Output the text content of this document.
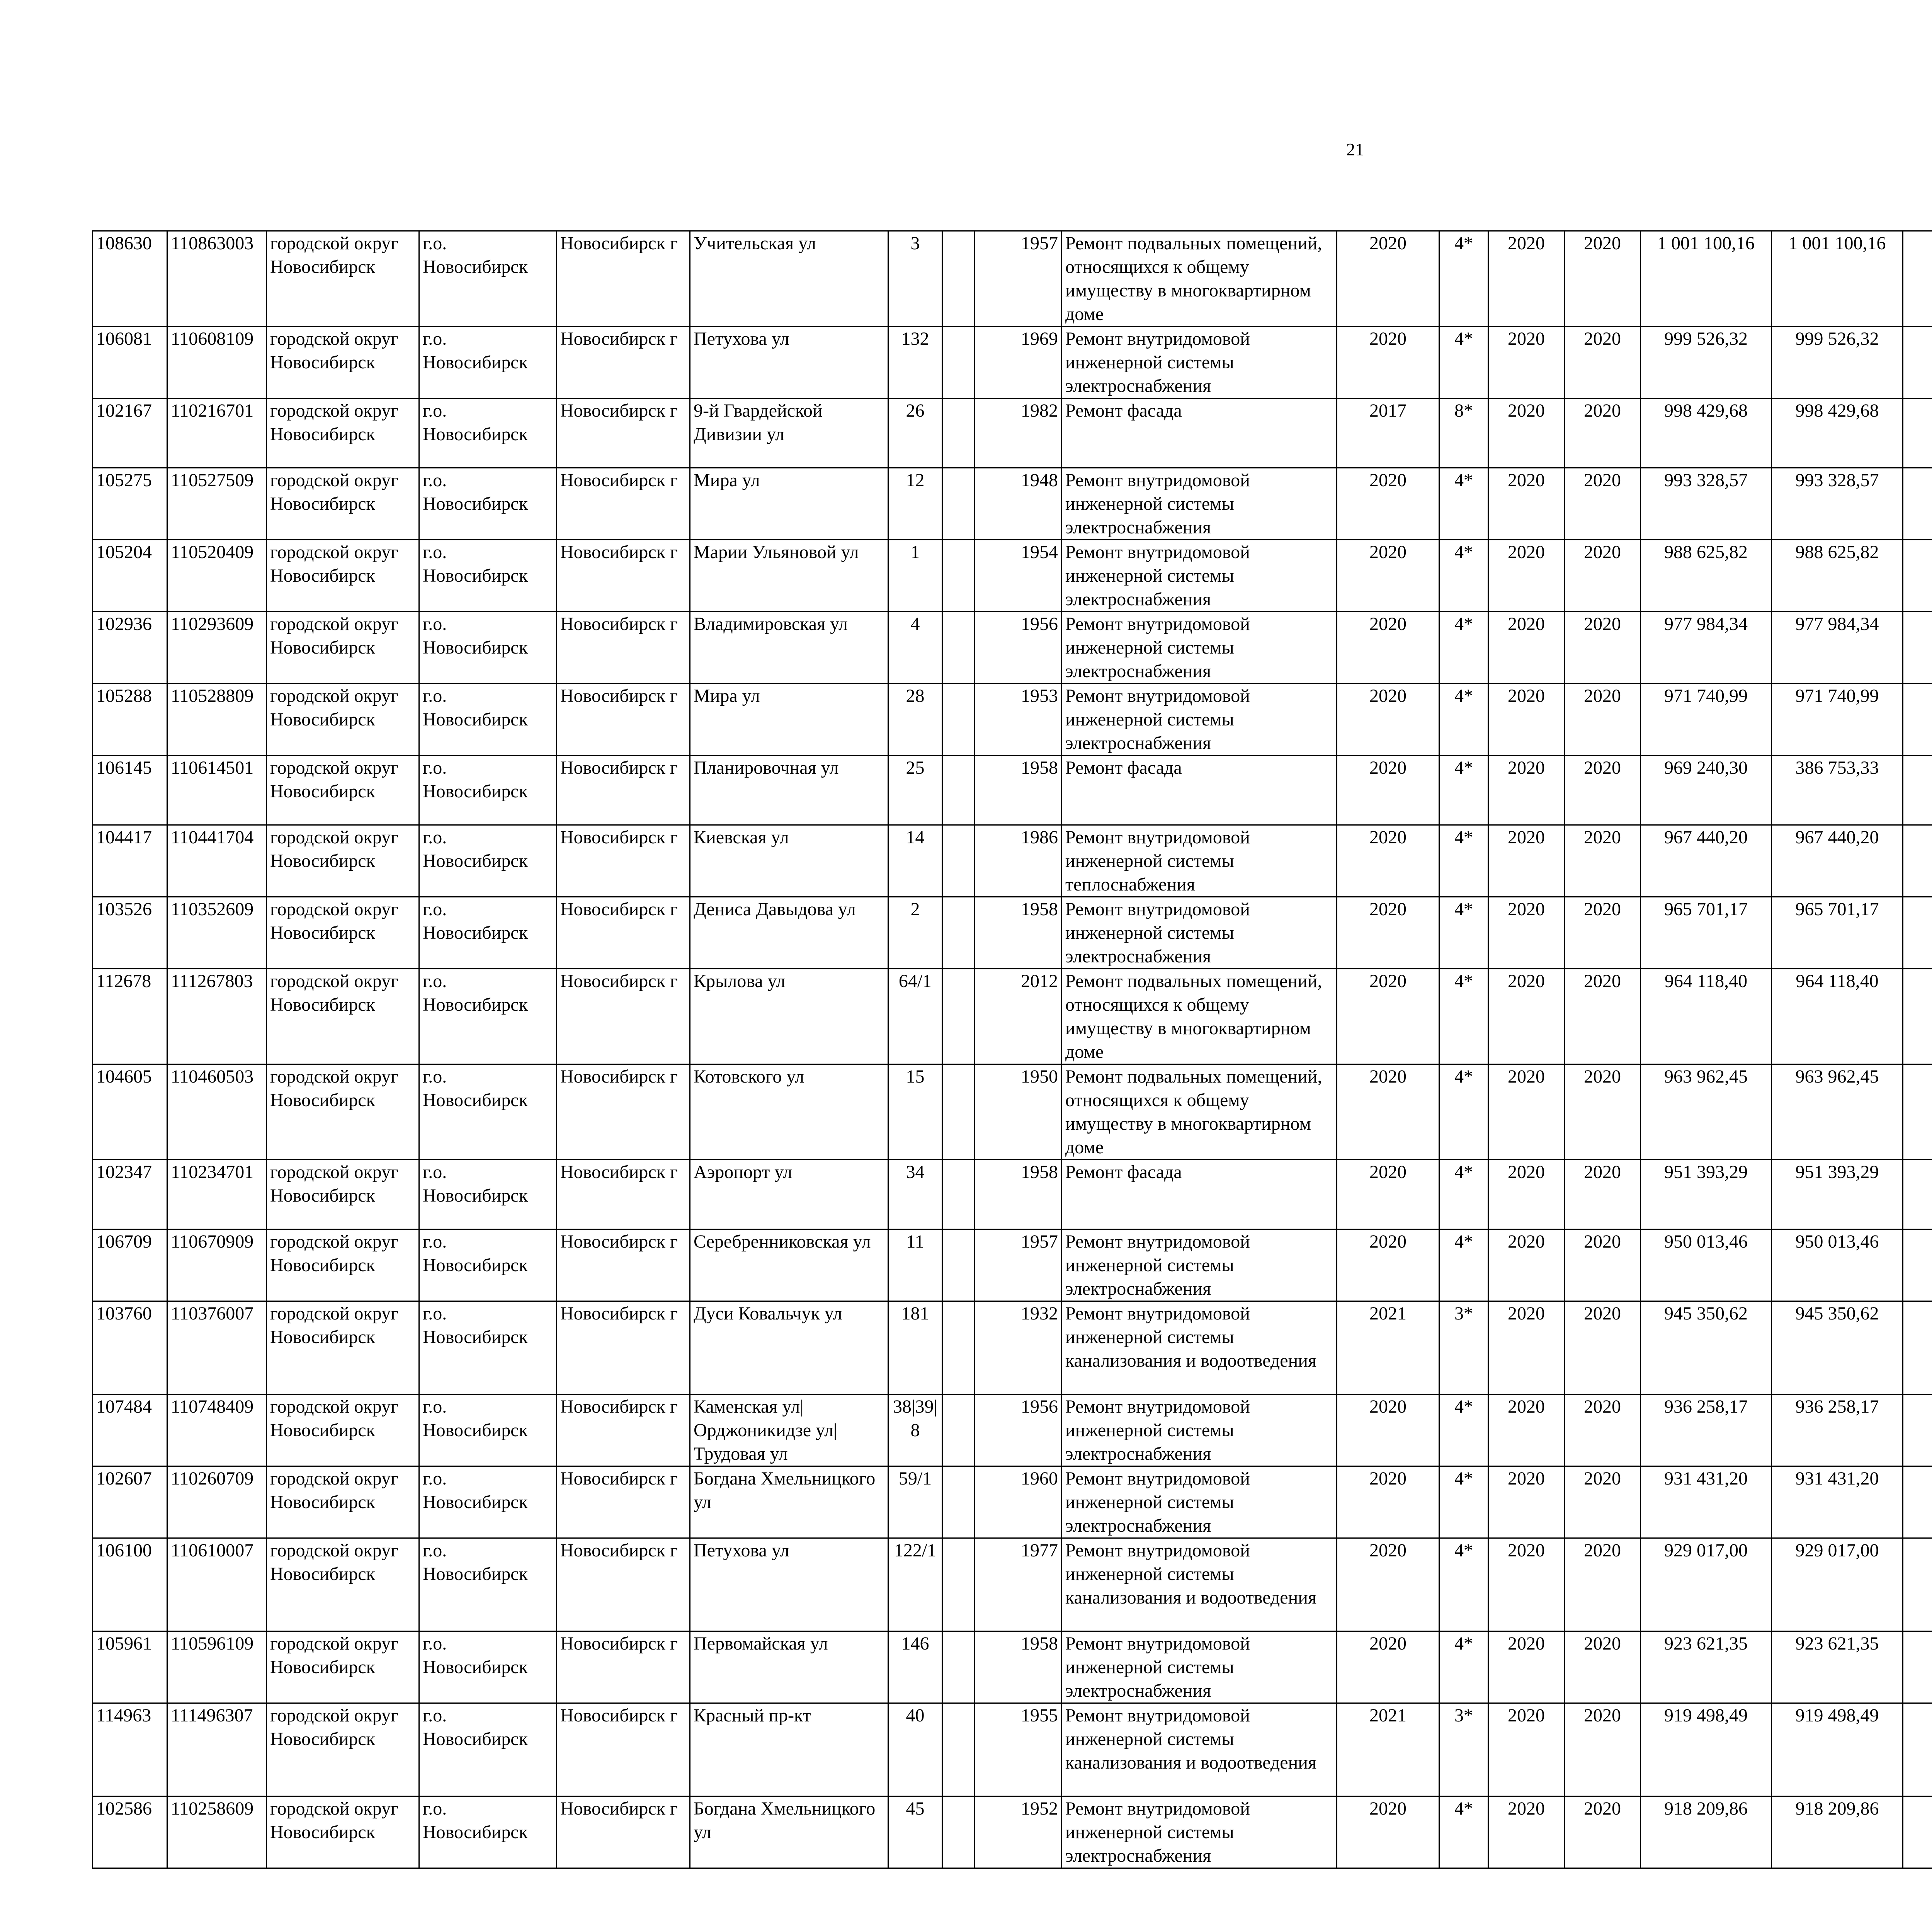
21
108630	110863003	городской округ Новосибирск	г.о. Новосибирск	Новосибирск г	Учительская ул	3		1957	Ремонт подвальных помещений, относящихся к общему имуществу в многоквартирном доме	2020	4*	2020	2020	1 001 100,16	1 001 100,16						
106081	110608109	городской округ Новосибирск	г.о. Новосибирск	Новосибирск г	Петухова ул	132		1969	Ремонт внутридомовой инженерной системы электроснабжения	2020	4*	2020	2020	999 526,32	999 526,32						
102167	110216701	городской округ Новосибирск	г.о. Новосибирск	Новосибирск г	9-й Гвардейской Дивизии ул	26		1982	Ремонт фасада	2017	8*	2020	2020	998 429,68	998 429,68						
105275	110527509	городской округ Новосибирск	г.о. Новосибирск	Новосибирск г	Мира ул	12		1948	Ремонт внутридомовой инженерной системы электроснабжения	2020	4*	2020	2020	993 328,57	993 328,57						
105204	110520409	городской округ Новосибирск	г.о. Новосибирск	Новосибирск г	Марии Ульяновой ул	1		1954	Ремонт внутридомовой инженерной системы электроснабжения	2020	4*	2020	2020	988 625,82	988 625,82						
102936	110293609	городской округ Новосибирск	г.о. Новосибирск	Новосибирск г	Владимировская ул	4		1956	Ремонт внутридомовой инженерной системы электроснабжения	2020	4*	2020	2020	977 984,34	977 984,34						
105288	110528809	городской округ Новосибирск	г.о. Новосибирск	Новосибирск г	Мира ул	28		1953	Ремонт внутридомовой инженерной системы электроснабжения	2020	4*	2020	2020	971 740,99	971 740,99						
106145	110614501	городской округ Новосибирск	г.о. Новосибирск	Новосибирск г	Планировочная ул	25		1958	Ремонт фасада	2020	4*	2020	2020	969 240,30	386 753,33						
104417	110441704	городской округ Новосибирск	г.о. Новосибирск	Новосибирск г	Киевская ул	14		1986	Ремонт внутридомовой инженерной системы теплоснабжения	2020	4*	2020	2020	967 440,20	967 440,20						
103526	110352609	городской округ Новосибирск	г.о. Новосибирск	Новосибирск г	Дениса Давыдова ул	2		1958	Ремонт внутридомовой инженерной системы электроснабжения	2020	4*	2020	2020	965 701,17	965 701,17						
112678	111267803	городской округ Новосибирск	г.о. Новосибирск	Новосибирск г	Крылова ул	64/1		2012	Ремонт подвальных помещений, относящихся к общему имуществу в многоквартирном доме	2020	4*	2020	2020	964 118,40	964 118,40						
104605	110460503	городской округ Новосибирск	г.о. Новосибирск	Новосибирск г	Котовского ул	15		1950	Ремонт подвальных помещений, относящихся к общему имуществу в многоквартирном доме	2020	4*	2020	2020	963 962,45	963 962,45						
102347	110234701	городской округ Новосибирск	г.о. Новосибирск	Новосибирск г	Аэропорт ул	34		1958	Ремонт фасада	2020	4*	2020	2020	951 393,29	951 393,29						
106709	110670909	городской округ Новосибирск	г.о. Новосибирск	Новосибирск г	Серебренниковская ул	11		1957	Ремонт внутридомовой инженерной системы электроснабжения	2020	4*	2020	2020	950 013,46	950 013,46						
103760	110376007	городской округ Новосибирск	г.о. Новосибирск	Новосибирск г	Дуси Ковальчук ул	181		1932	Ремонт внутридомовой инженерной системы канализования и водоотведения	2021	3*	2020	2020	945 350,62	945 350,62						
107484	110748409	городской округ Новосибирск	г.о. Новосибирск	Новосибирск г	Каменская ул|Орджоникидзе ул|Трудовая ул	38|39|8		1956	Ремонт внутридомовой инженерной системы электроснабжения	2020	4*	2020	2020	936 258,17	936 258,17						
102607	110260709	городской округ Новосибирск	г.о. Новосибирск	Новосибирск г	Богдана Хмельницкого ул	59/1		1960	Ремонт внутридомовой инженерной системы электроснабжения	2020	4*	2020	2020	931 431,20	931 431,20						
106100	110610007	городской округ Новосибирск	г.о. Новосибирск	Новосибирск г	Петухова ул	122/1		1977	Ремонт внутридомовой инженерной системы канализования и водоотведения	2020	4*	2020	2020	929 017,00	929 017,00						
105961	110596109	городской округ Новосибирск	г.о. Новосибирск	Новосибирск г	Первомайская ул	146		1958	Ремонт внутридомовой инженерной системы электроснабжения	2020	4*	2020	2020	923 621,35	923 621,35						
114963	111496307	городской округ Новосибирск	г.о. Новосибирск	Новосибирск г	Красный пр-кт	40		1955	Ремонт внутридомовой инженерной системы канализования и водоотведения	2021	3*	2020	2020	919 498,49	919 498,49						
102586	110258609	городской округ Новосибирск	г.о. Новосибирск	Новосибирск г	Богдана Хмельницкого ул	45		1952	Ремонт внутридомовой инженерной системы электроснабжения	2020	4*	2020	2020	918 209,86	918 209,86						
